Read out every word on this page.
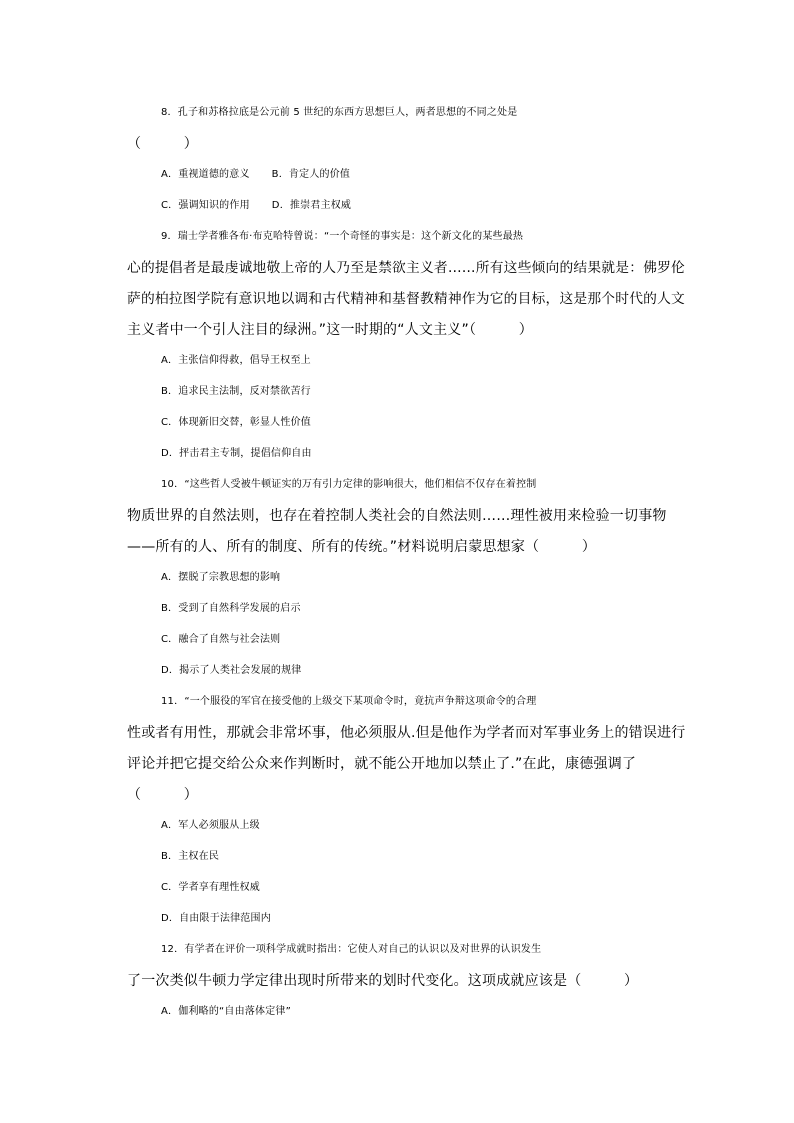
8．孔子和苏格拉底是公元前 5 世纪的东西方思想巨人，两者思想的不同之处是
（　　　）
A．重视道德的意义 B．肯定人的价值
C．强调知识的作用 D．推崇君主权威
9．瑞士学者雅各布·布克哈特曾说：“一个奇怪的事实是：这个新文化的某些最热
心的提倡者是最虔诚地敬上帝的人乃至是禁欲主义者……所有这些倾向的结果就是：佛罗伦
萨的柏拉图学院有意识地以调和古代精神和基督教精神作为它的目标，这是那个时代的人文
主义者中一个引人注目的绿洲。”这一时期的“人文主义”（　　　）
A．主张信仰得救，倡导王权至上
B．追求民主法制，反对禁欲苦行
C．体现新旧交替，彰显人性价值
D．抨击君主专制，提倡信仰自由
10．“这些哲人受被牛顿证实的万有引力定律的影响很大，他们相信不仅存在着控制
物质世界的自然法则，也存在着控制人类社会的自然法则……理性被用来检验一切事物
——所有的人、所有的制度、所有的传统。”材料说明启蒙思想家（　　　）
A．摆脱了宗教思想的影响
B．受到了自然科学发展的启示
C．融合了自然与社会法则
D．揭示了人类社会发展的规律
11．“一个服役的军官在接受他的上级交下某项命令时，竟抗声争辩这项命令的合理
性或者有用性，那就会非常坏事，他必须服从.但是他作为学者而对军事业务上的错误进行
评论并把它提交给公众来作判断时，就不能公开地加以禁止了.”在此，康德强调了
（　　　）
A．军人必须服从上级
B．主权在民
C．学者享有理性权威
D．自由限于法律范围内
12．有学者在评价一项科学成就时指出：它使人对自己的认识以及对世界的认识发生
了一次类似牛顿力学定律出现时所带来的划时代变化。这项成就应该是（　　　）
A．伽利略的“自由落体定律”
